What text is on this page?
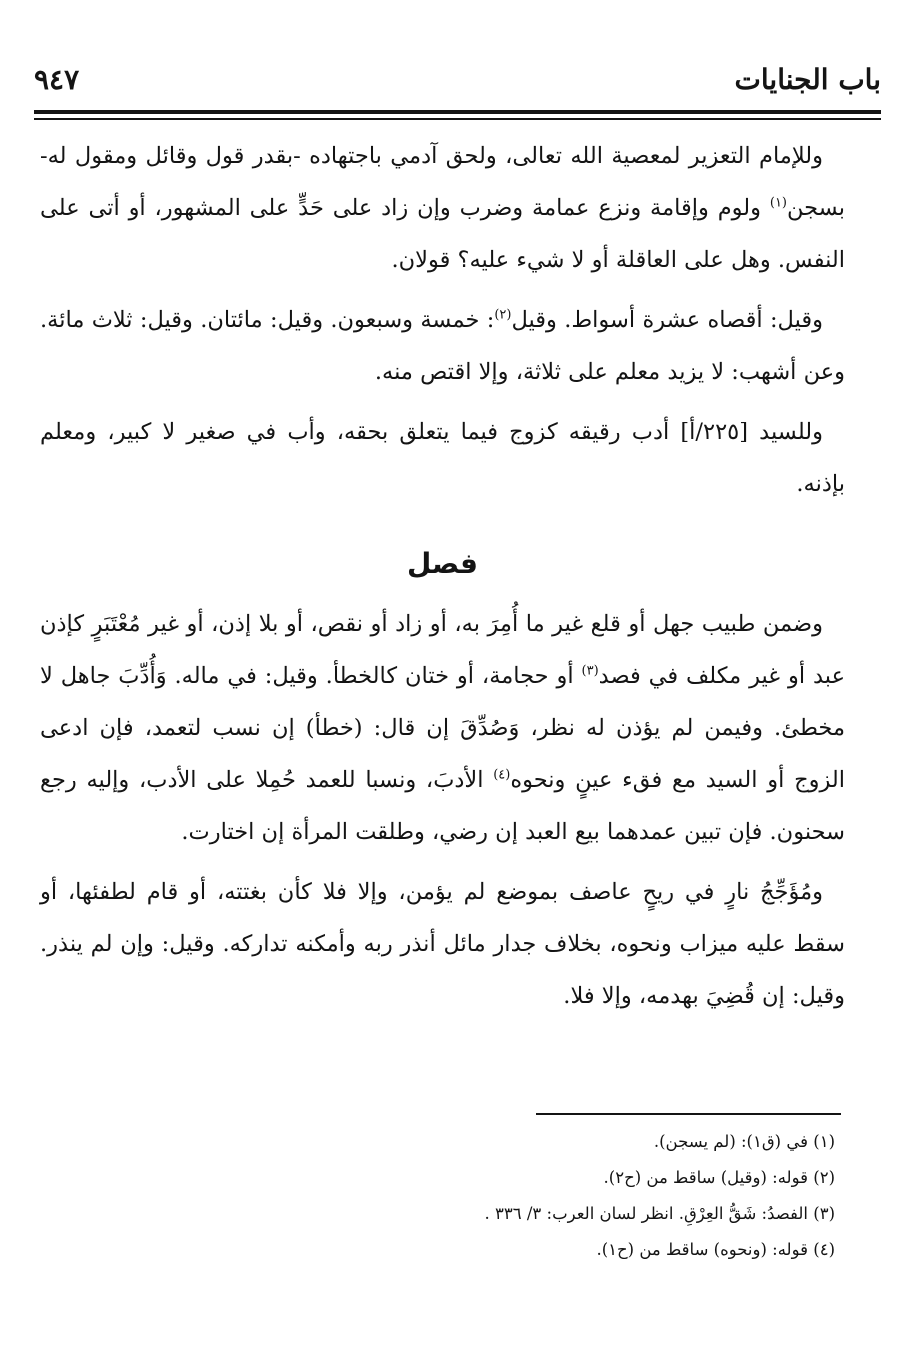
باب الجنايات
٩٤٧

وللإمام التعزير لمعصية الله تعالى، ولحق آدمي باجتهاده -بقدر قول وقائل ومقول له- بسجن$^{(١)}$ ولوم وإقامة ونزع عمامة وضرب وإن زاد على حَدٍّ على المشهور، أو أتى على النفس. وهل على العاقلة أو لا شيء عليه؟ قولان.

وقيل: أقصاه عشرة أسواط. وقيل$^{(٢)}$: خمسة وسبعون. وقيل: مائتان. وقيل: ثلاث مائة. وعن أشهب: لا يزيد معلم على ثلاثة، وإلا اقتص منه.

وللسيد [٢٢٥/أ] أدب رقيقه كزوج فيما يتعلق بحقه، وأب في صغير لا كبير، ومعلم بإذنه.

فصل

وضمن طبيب جهل أو قلع غير ما أُمِرَ به، أو زاد أو نقص، أو بلا إذن، أو غير مُعْتَبَرٍ كإذن عبد أو غير مكلف في فصد$^{(٣)}$ أو حجامة، أو ختان كالخطأ. وقيل: في ماله. وَأُدِّبَ جاهل لا مخطئ. وفيمن لم يؤذن له نظر، وَصُدِّقَ إن قال: (خطأ) إن نسب لتعمد، فإن ادعى الزوج أو السيد مع فقء عينٍ ونحوه$^{(٤)}$ الأدبَ، ونسبا للعمد حُمِلا على الأدب، وإليه رجع سحنون. فإن تبين عمدهما بيع العبد إن رضي، وطلقت المرأة إن اختارت.

ومُؤَجِّجُ نارٍ في ريحٍ عاصف بموضع لم يؤمن، وإلا فلا كأن بغتته، أو قام لطفئها، أو سقط عليه ميزاب ونحوه، بخلاف جدار مائل أنذر ربه وأمكنه تداركه. وقيل: وإن لم ينذر. وقيل: إن قُضِيَ بهدمه، وإلا فلا.

(١) في (ق١): (لم يسجن).
(٢) قوله: (وقيل) ساقط من (ح٢).
(٣) الفصدُ: شَقُّ العِرْقِ. انظر لسان العرب: ٣/ ٣٣٦ .
(٤) قوله: (ونحوه) ساقط من (ح١).
